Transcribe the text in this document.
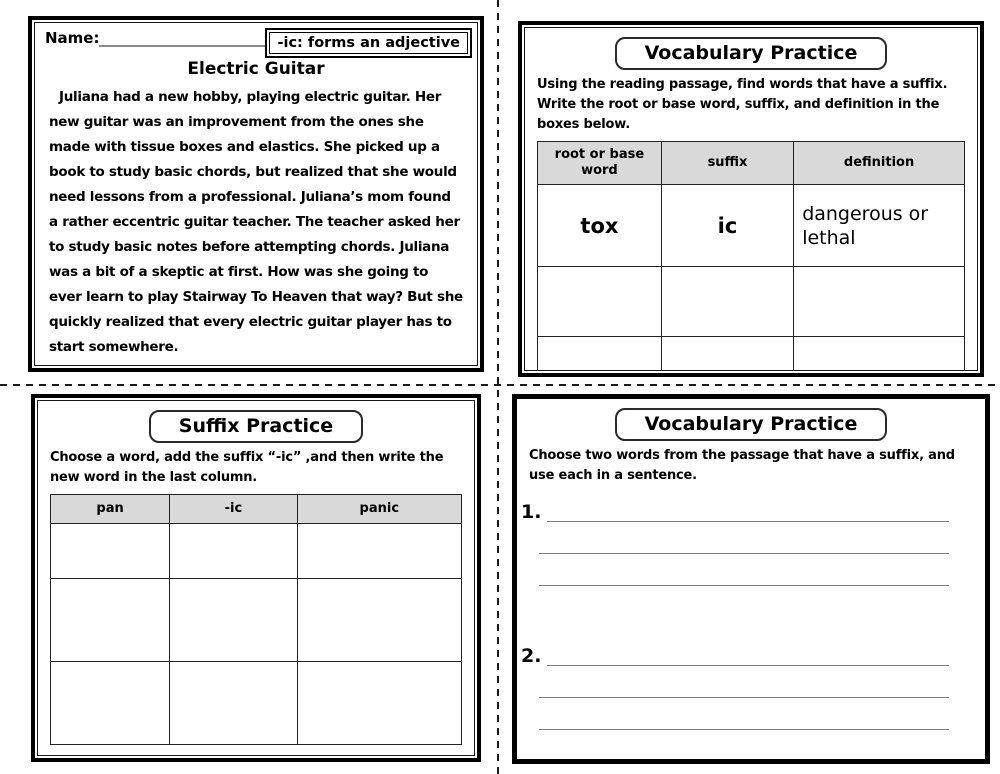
Name:	-ic: forms an adjective
Electric Guitar
Juliana had a new hobby, playing electric guitar. Her new guitar was an improvement from the ones she made with tissue boxes and elastics. She picked up a book to study basic chords, but realized that she would need lessons from a professional. Juliana’s mom found a rather eccentric guitar teacher. The teacher asked her to study basic notes before attempting chords. Juliana was a bit of a skeptic at first. How was she going to ever learn to play Stairway To Heaven that way? But she quickly realized that every electric guitar player has to start somewhere.
Vocabulary Practice
Using the reading passage, find words that have a suffix. Write the root or base word, suffix, and definition in the boxes below.
root or base word	suffix	definition
tox	ic	dangerous or lethal

Suffix Practice
Choose a word, add the suffix “-ic” ,and then write the new word in the last column.
pan	-ic	panic

Vocabulary Practice
Choose two words from the passage that have a suffix, and use each in a sentence.
1.
2.
